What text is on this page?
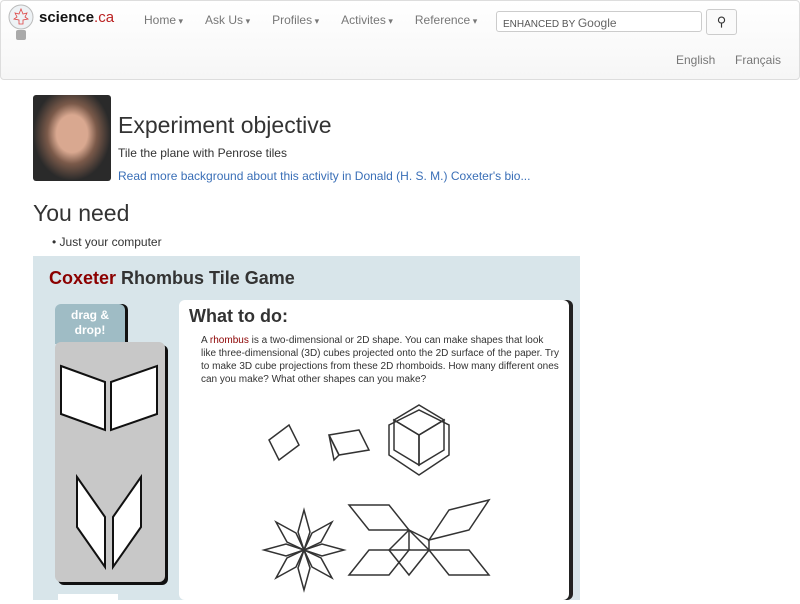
science.ca	Home ▾	Ask Us ▾	Profiles ▾	Activites ▾	Reference ▾	ENHANCED BY Google	⚲
English Français
Experiment objective
Tile the plane with Penrose tiles
Read more background about this activity in Donald (H. S. M.) Coxeter's bio...
You need
• Just your computer
Coxeter Rhombus Tile Game
drag & drop!
What to do:
A rhombus is a two-dimensional or 2D shape. You can make shapes that look like three-dimensional (3D) cubes projected onto the 2D surface of the paper. Try to make 3D cube projections from these 2D rhomboids. How many different ones can you make? What other shapes can you make?
